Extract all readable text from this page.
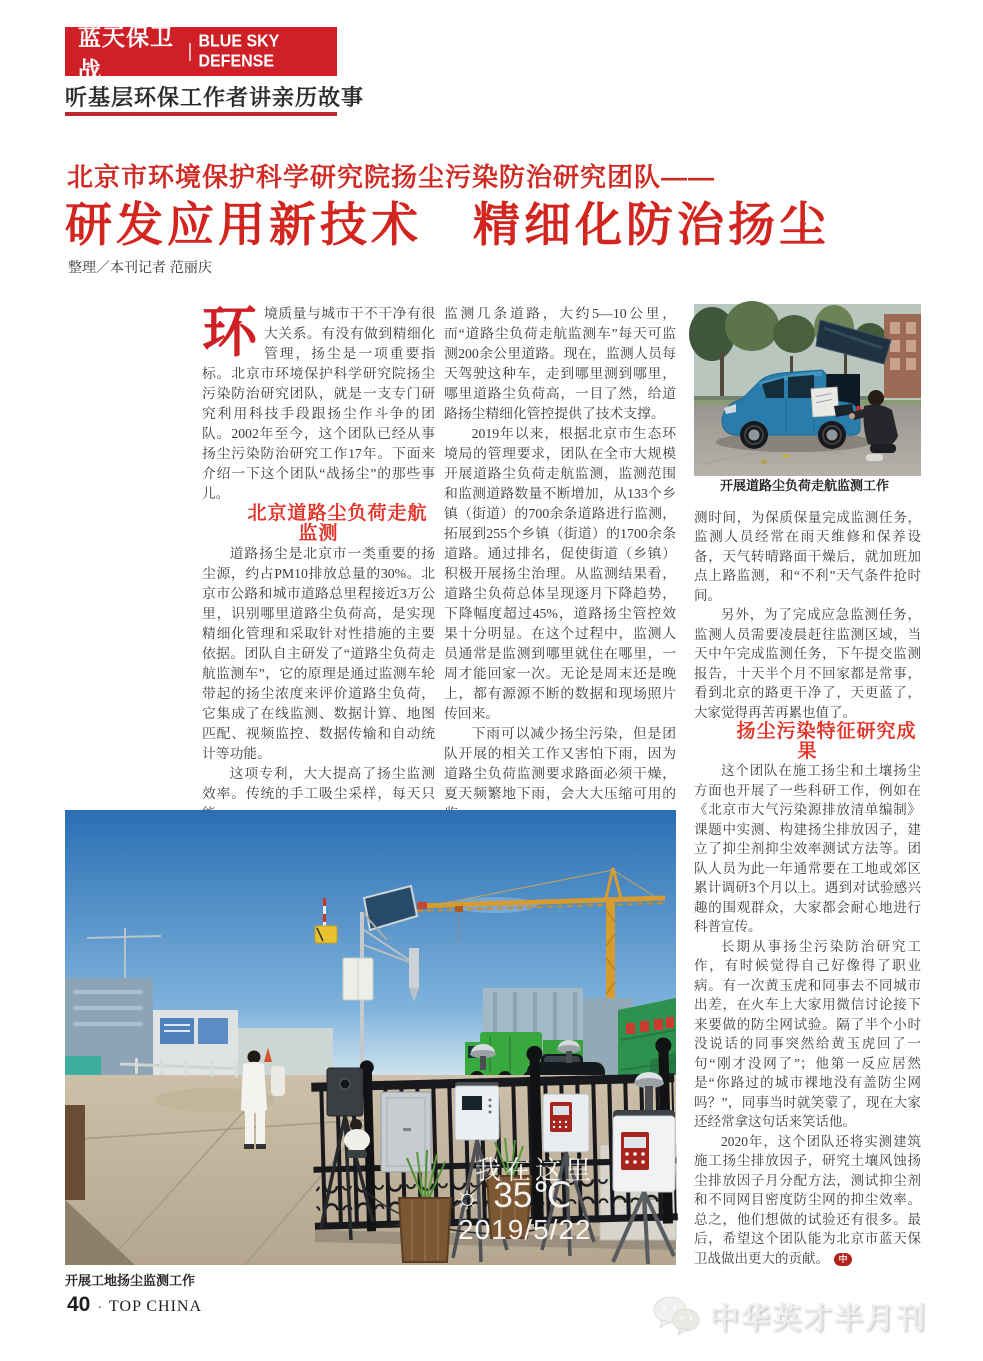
蓝天保卫战
| BLUE SKY DEFENSE
听基层环保工作者讲亲历故事
北京市环境保护科学研究院扬尘污染防治研究团队——
研发应用新技术　精细化防治扬尘
整理／本刊记者 范丽庆

环境质量与城市干不干净有很大关系。有没有做到精细化管理，扬尘是一项重要指标。北京市环境保护科学研究院扬尘污染防治研究团队，就是一支专门研究利用科技手段跟扬尘作斗争的团队。2002年至今，这个团队已经从事扬尘污染防治研究工作17年。下面来介绍一下这个团队“战扬尘”的那些事儿。

北京道路尘负荷走航监测

道路扬尘是北京市一类重要的扬尘源，约占PM10排放总量的30%。北京市公路和城市道路总里程接近3万公里，识别哪里道路尘负荷高，是实现精细化管理和采取针对性措施的主要依据。团队自主研发了“道路尘负荷走航监测车”，它的原理是通过监测车轮带起的扬尘浓度来评价道路尘负荷，它集成了在线监测、数据计算、地图匹配、视频监控、数据传输和自动统计等功能。

这项专利，大大提高了扬尘监测效率。传统的手工吸尘采样，每天只

监测几条道路，大约5—10公里，而“道路尘负荷走航监测车”每天可监测200余公里道路。现在，监测人员每天驾驶这种车，走到哪里测到哪里，哪里道路尘负荷高，一目了然，给道路扬尘精细化管控提供了技术支撑。

2019年以来，根据北京市生态环境局的管理要求，团队在全市大规模开展道路尘负荷走航监测，监测范围和监测道路数量不断增加，从133个乡镇（街道）的700余条道路进行监测，拓展到255个乡镇（街道）的1700余条道路。通过排名，促使街道（乡镇）积极开展扬尘治理。从监测结果看，道路尘负荷总体呈现逐月下降趋势，下降幅度超过45%，道路扬尘管控效果十分明显。在这个过程中，监测人员通常是监测到哪里就住在哪里，一周才能回家一次。无论是周末还是晚上，都有源源不断的数据和现场照片传回来。

下雨可以减少扬尘污染，但是团队开展的相关工作又害怕下雨，因为道路尘负荷监测要求路面必须干燥，夏天频繁地下雨，会大大压缩可用的

开展道路尘负荷走航监测工作

测时间，为保质保量完成监测任务，监测人员经常在雨天维修和保养设备，天气转晴路面干燥后，就加班加点上路监测，和“不利”天气条件抢时间。

另外，为了完成应急监测任务，监测人员需要凌晨赶往监测区域，当天中午完成监测任务，下午提交监测报告，十天半个月不回家都是常事，看到北京的路更干净了，天更蓝了，大家觉得再苦再累也值了。

扬尘污染特征研究成果

这个团队在施工扬尘和土壤扬尘方面也开展了一些科研工作，例如在《北京市大气污染源排放清单编制》课题中实测、构建扬尘排放因子，建立了抑尘剂抑尘效率测试方法等。团队人员为此一年通常要在工地或郊区累计调研3个月以上。遇到对试验感兴趣的围观群众，大家都会耐心地进行科普宣传。

长期从事扬尘污染防治研究工作，有时候觉得自己好像得了职业病。有一次黄玉虎和同事去不同城市出差，在火车上大家用微信讨论接下来要做的防尘网试验。隔了半个小时没说话的同事突然给黄玉虎回了一句“刚才没网了”；他第一反应居然是“你路过的城市裸地没有盖防尘网吗？”，同事当时就笑蒙了，现在大家还经常拿这句话来笑话他。

2020年，这个团队还将实测建筑施工扬尘排放因子，研究土壤风蚀扬尘排放因子月分配方法，测试抑尘剂和不同网目密度防尘网的抑尘效率。总之，他们想做的试验还有很多。最后，希望这个团队能为北京市蓝天保卫战做出更大的贡献。 中

我在这里
☼ 35℃
2019/5/22
开展工地扬尘监测工作
40 · TOP CHINA	中华英才半月刊
